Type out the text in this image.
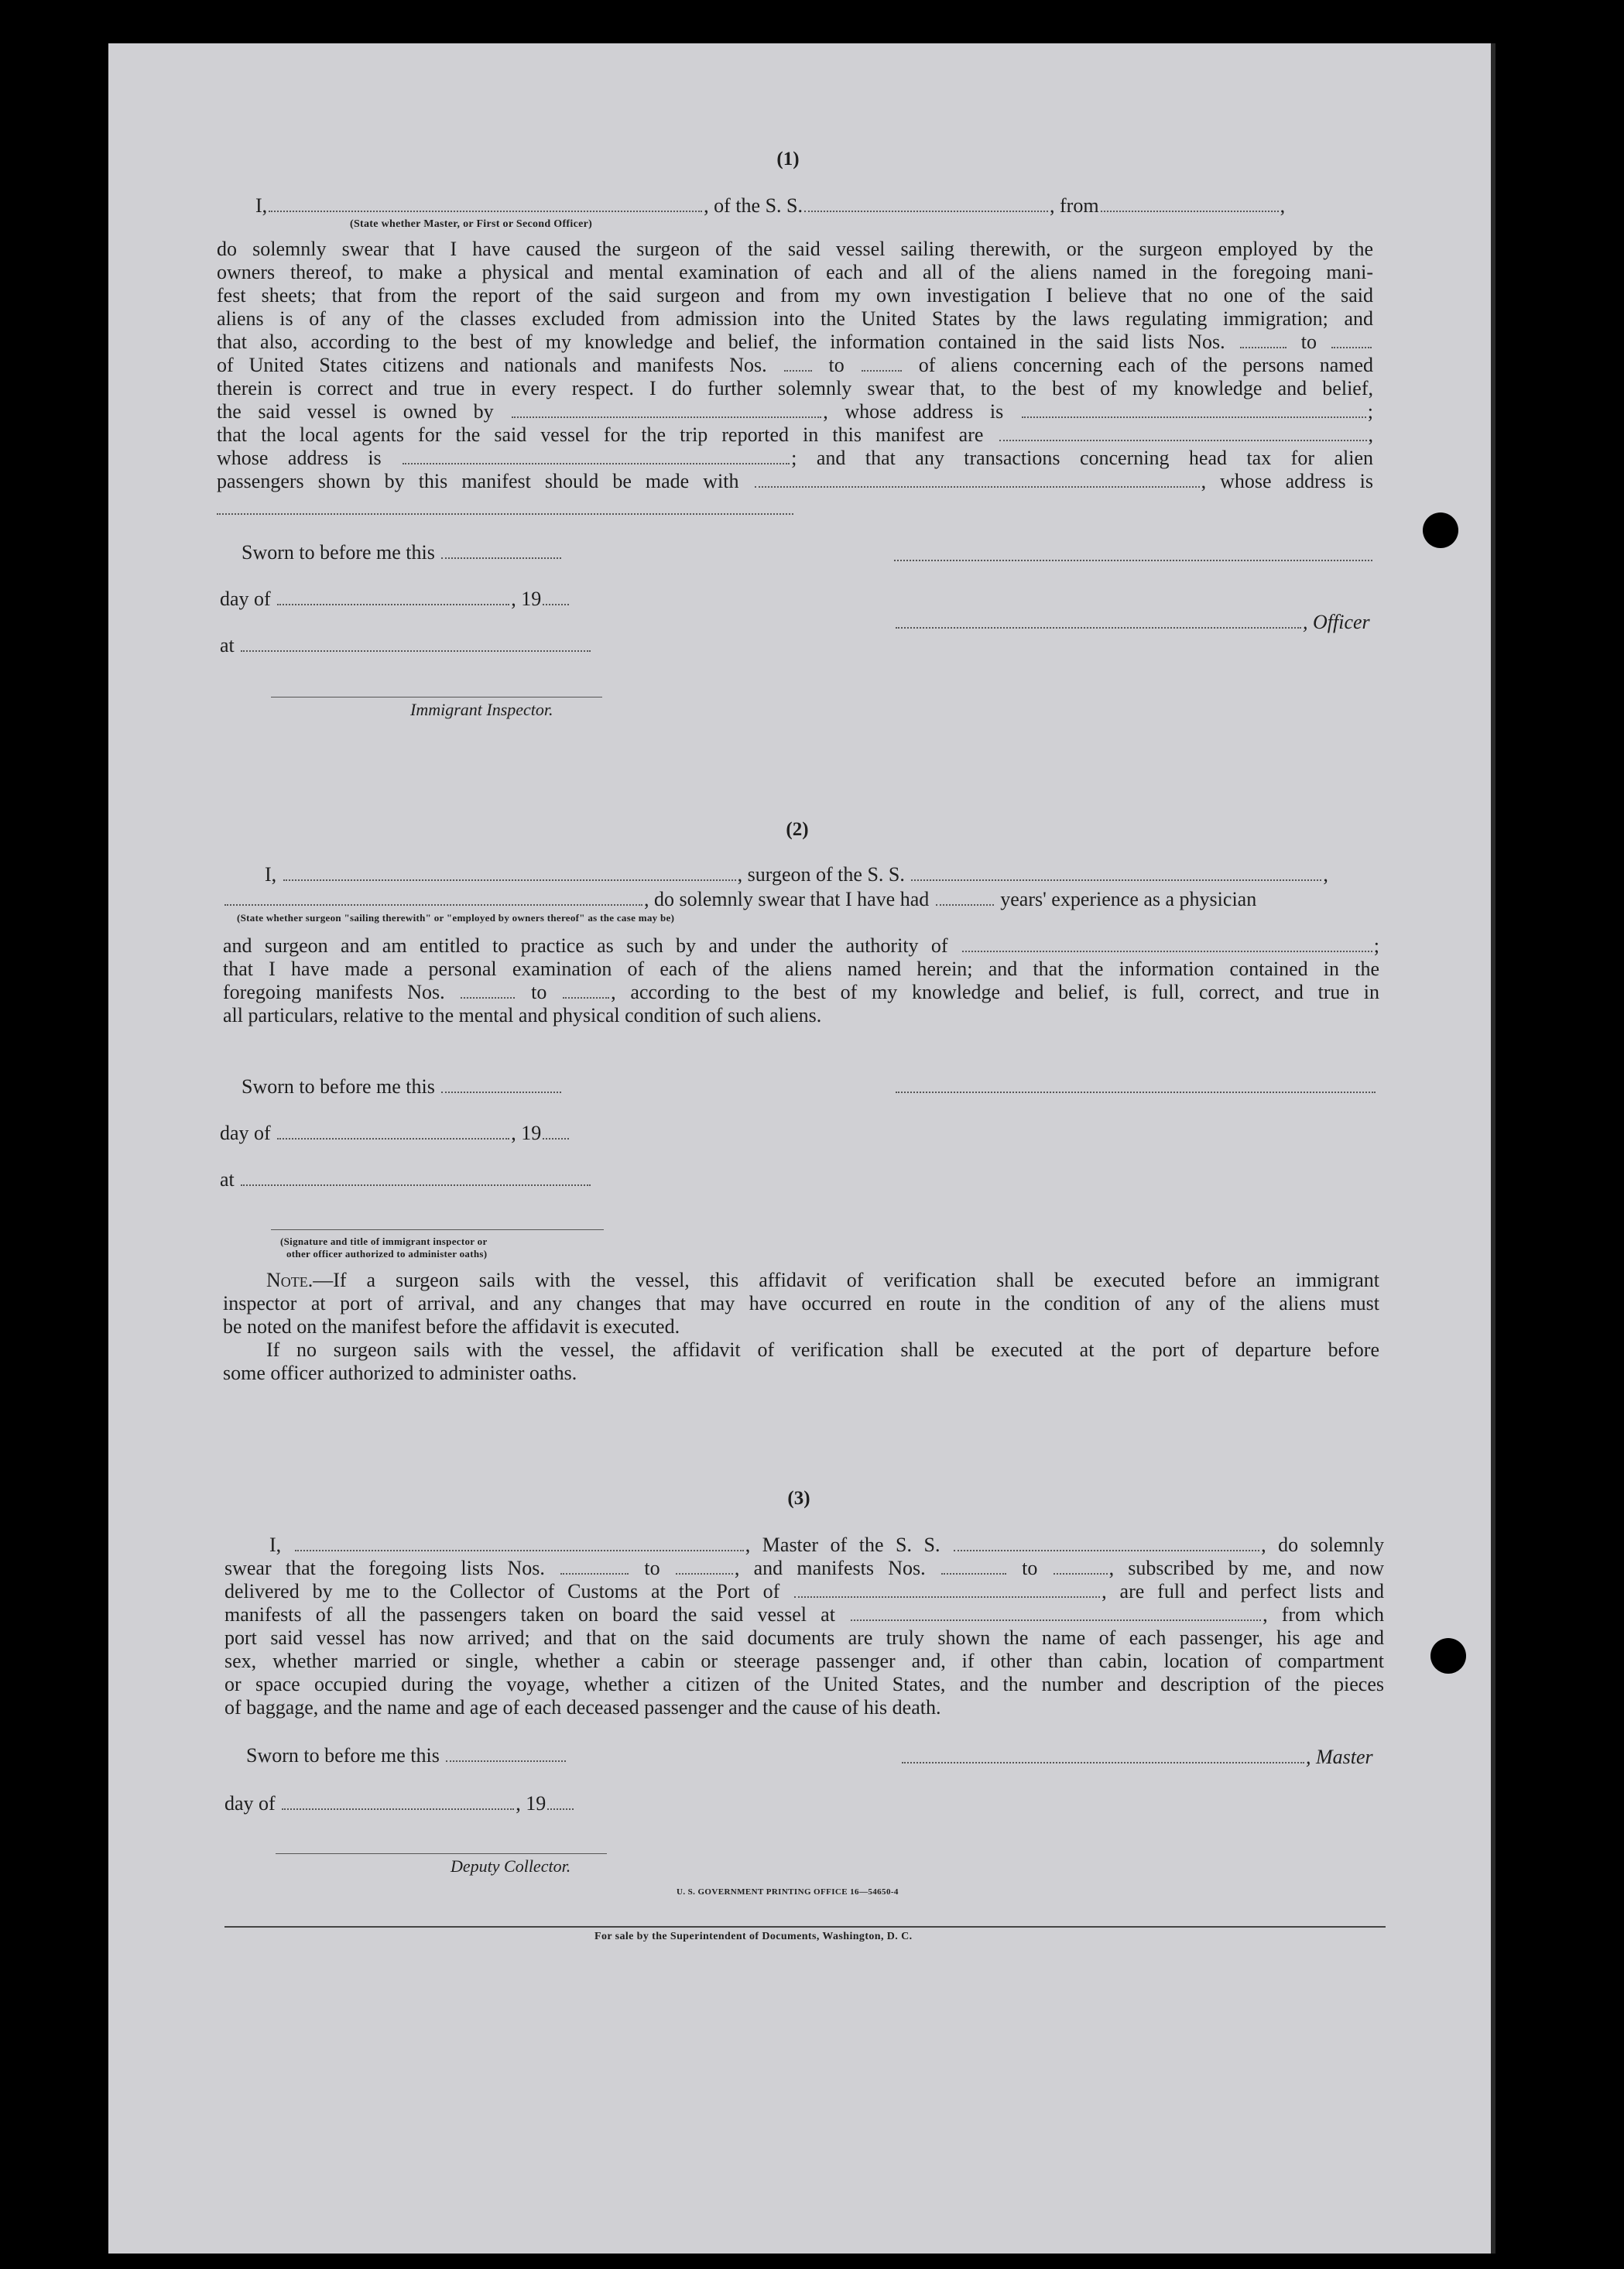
(1)
I,	, of the S. S.	, from	,
(State whether Master, or First or Second Officer)
do solemnly swear that I have caused the surgeon of the said vessel sailing therewith, or the surgeon employed by the
owners thereof, to make a physical and mental examination of each and all of the aliens named in the foregoing mani-
fest sheets; that from the report of the said surgeon and from my own investigation I believe that no one of the said
aliens is of any of the classes excluded from admission into the United States by the laws regulating immigration; and
that also, according to the best of my knowledge and belief, the information contained in the said lists Nos.	to
of United States citizens and nationals and manifests Nos.	to	of aliens concerning each of the persons named
therein is correct and true in every respect. I do further solemnly swear that, to the best of my knowledge and belief,
the said vessel is owned by	, whose address is	;
that the local agents for the said vessel for the trip reported in this manifest are	,
whose address is	; and that any transactions concerning head tax for alien
passengers shown by this manifest should be made with	, whose address is
Sworn to before me this
day of	, 19
, Officer
at
Immigrant Inspector.
(2)
I,	, surgeon of the S. S.	,
, do solemnly swear that I have had	years' experience as a physician
(State whether surgeon "sailing therewith" or "employed by owners thereof" as the case may be)
and surgeon and am entitled to practice as such by and under the authority of	;
that I have made a personal examination of each of the aliens named herein; and that the information contained in the
foregoing manifests Nos.	to	, according to the best of my knowledge and belief, is full, correct, and true in
all particulars, relative to the mental and physical condition of such aliens.
Sworn to before me this
day of	, 19
at
(Signature and title of immigrant inspector or
other officer authorized to administer oaths)
Note.—If a surgeon sails with the vessel, this affidavit of verification shall be executed before an immigrant
inspector at port of arrival, and any changes that may have occurred en route in the condition of any of the aliens must
be noted on the manifest before the affidavit is executed.
If no surgeon sails with the vessel, the affidavit of verification shall be executed at the port of departure before
some officer authorized to administer oaths.
(3)
I,	, Master of the S. S.	, do solemnly
swear that the foregoing lists Nos.	to	, and manifests Nos.	to	, subscribed by me, and now
delivered by me to the Collector of Customs at the Port of	, are full and perfect lists and
manifests of all the passengers taken on board the said vessel at	, from which
port said vessel has now arrived; and that on the said documents are truly shown the name of each passenger, his age and
sex, whether married or single, whether a cabin or steerage passenger and, if other than cabin, location of compartment
or space occupied during the voyage, whether a citizen of the United States, and the number and description of the pieces
of baggage, and the name and age of each deceased passenger and the cause of his death.
Sworn to before me this	, Master
day of	, 19
Deputy Collector.
U. S. GOVERNMENT PRINTING OFFICE 16—54650-4
For sale by the Superintendent of Documents, Washington, D. C.
